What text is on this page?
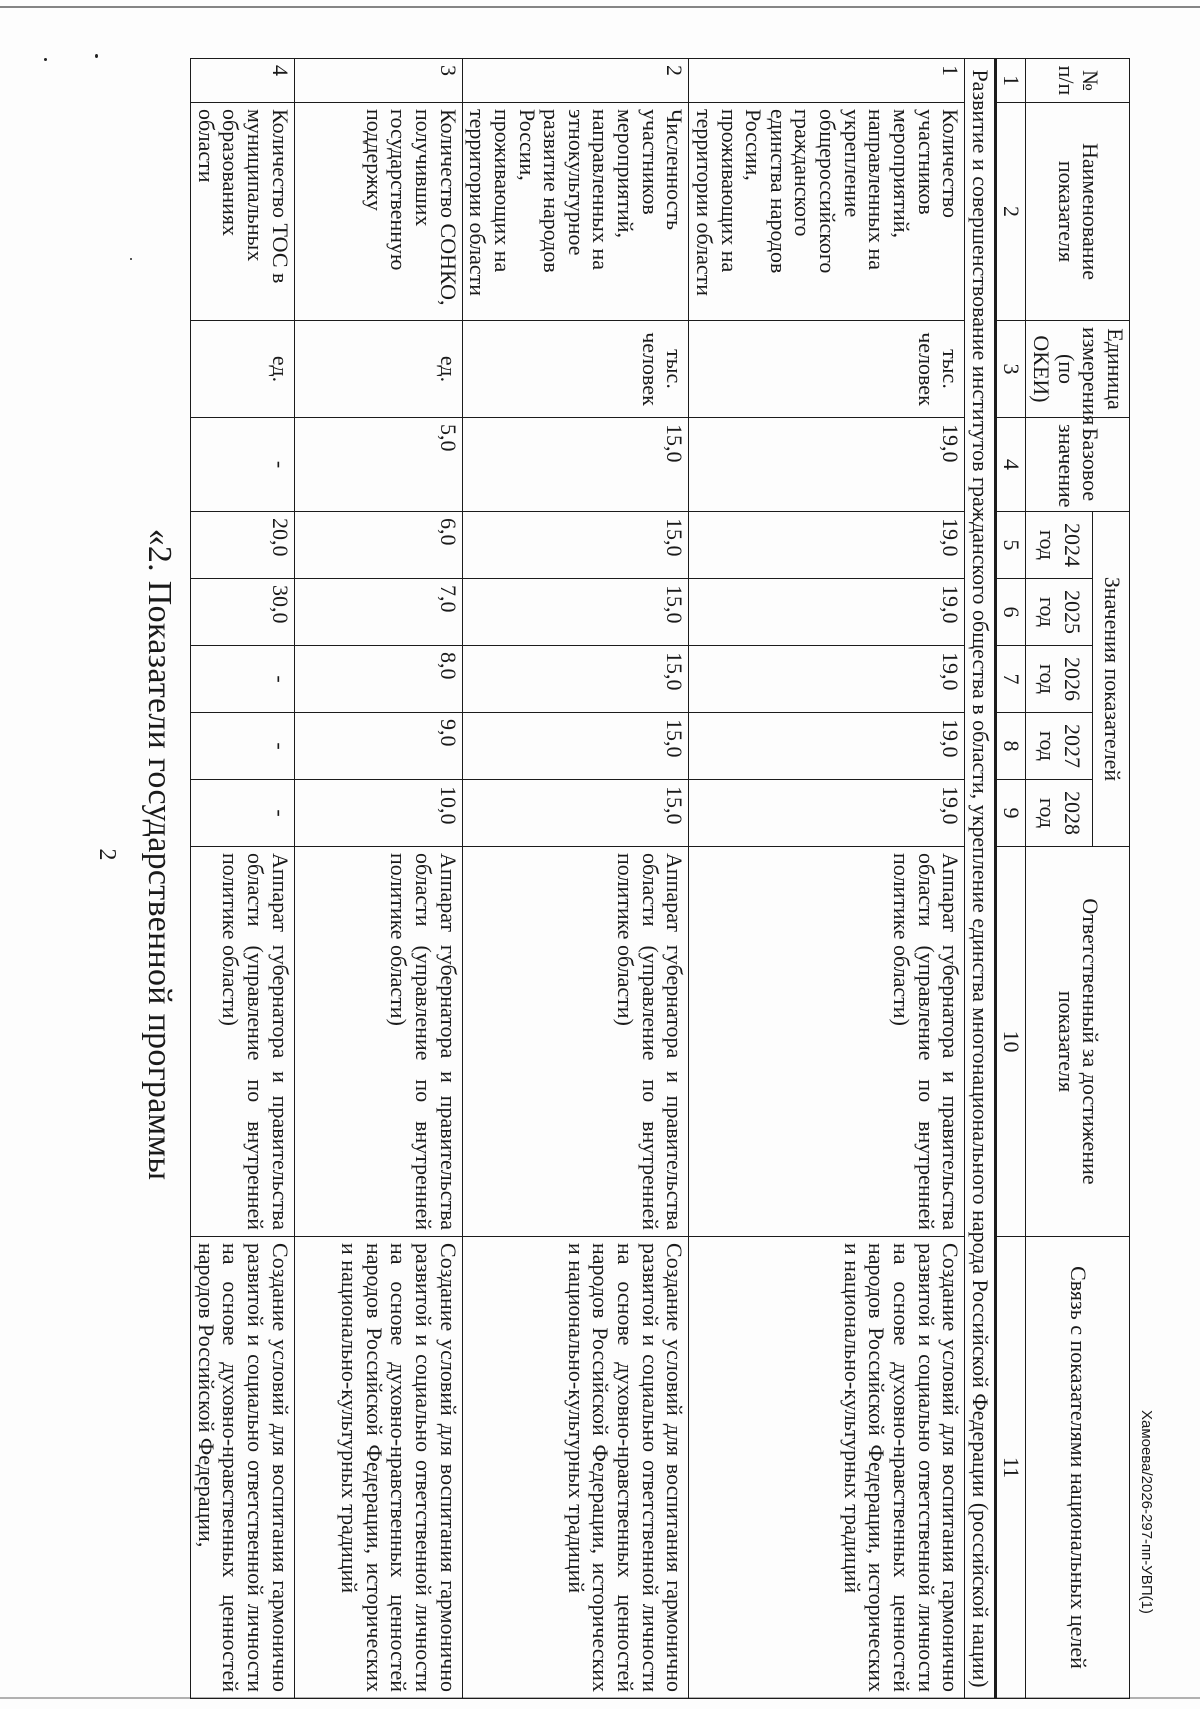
2 «2. Показатели государственной программы
Хамоева/2026-297-пп-УВП(1)
№ п/п	Наименование показателя	Единица измерения (по ОКЕИ)	Базовое значение	Значения показателей					Ответственный за достижение показателя	Связь с показателями национальных целей
				2024 год	2025 год	2026 год	2027 год	2028 год		
1	2	3	4	5	6	7	8	9	10	11
Развитие и совершенствование институтов гражданского общества в области, укрепление единства многонационального народа Российской Федерации (российской нации)										
1	Количество участников мероприятий, направленных на укрепление общероссийского гражданского единства народов России, проживающих на территории области	тыс. человек	19,0	19,0	19,0	19,0	19,0	19,0	Аппарат губернатора и правительства области (управление по внутренней политике области)	Создание условий для воспитания гармонично развитой и социально ответственной личности на основе духовно-нравственных ценностей народов Российской Федерации, исторических и национально-культурных традиций
2	Численность участников мероприятий, направленных на этнокультурное развитие народов России, проживающих на территории области	тыс. человек	15,0	15,0	15,0	15,0	15,0	15,0	Аппарат губернатора и правительства области (управление по внутренней политике области)	Создание условий для воспитания гармонично развитой и социально ответственной личности на основе духовно-нравственных ценностей народов Российской Федерации, исторических и национально-культурных традиций
3	Количество СОНКО, получивших государственную поддержку	ед.	5,0	6,0	7,0	8,0	9,0	10,0	Аппарат губернатора и правительства области (управление по внутренней политике области)	Создание условий для воспитания гармонично развитой и социально ответственной личности на основе духовно-нравственных ценностей народов Российской Федерации, исторических и национально-культурных традиций
4	Количество ТОС в муниципальных образованиях области	ед.	-	20,0	30,0	-	-	-	Аппарат губернатора и правительства области (управление по внутренней политике области)	Создание условий для воспитания гармонично развитой и социально ответственной личности на основе духовно-нравственных ценностей народов Российской Федерации,
